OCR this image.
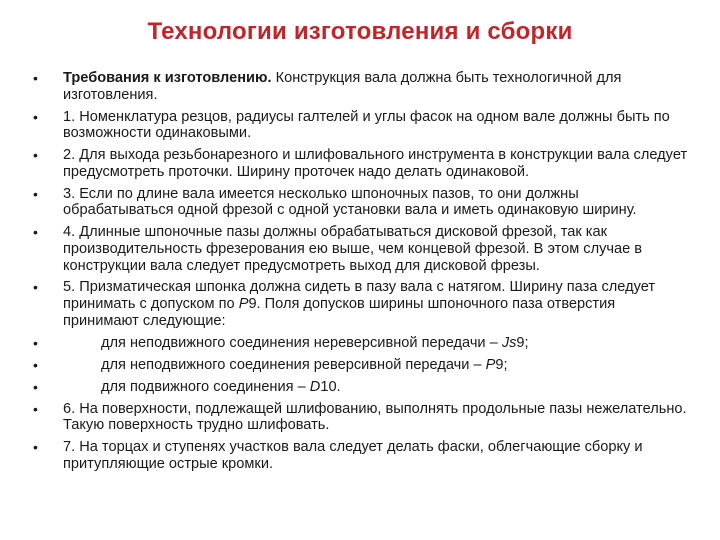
Технологии изготовления и сборки
• Требования к изготовлению. Конструкция вала должна быть технологичной для изготовления.
• 1. Номенклатура резцов, радиусы галтелей и углы фасок на одном вале должны быть по возможности одинаковыми.
• 2. Для выхода резьбонарезного и шлифовального инструмента в конструкции вала следует предусмотреть проточки. Ширину проточек надо делать одинаковой.
• 3. Если по длине вала имеется несколько шпоночных пазов, то они должны обрабатываться одной фрезой с одной установки вала и иметь одинаковую ширину.
• 4. Длинные шпоночные пазы должны обрабатываться дисковой фрезой, так как производительность фрезерования ею выше, чем концевой фрезой. В этом случае в конструкции вала следует предусмотреть выход для дисковой фрезы.
• 5. Призматическая шпонка должна сидеть в пазу вала с натягом. Ширину паза следует принимать с допуском по Р9. Поля допусков ширины шпоночного паза отверстия принимают следующие:
•	для неподвижного соединения нереверсивной передачи – Js9;
•	для неподвижного соединения реверсивной передачи – Р9;
•	для подвижного соединения – D10.
• 6. На поверхности, подлежащей шлифованию, выполнять продольные пазы нежелательно. Такую поверхность трудно шлифовать.
• 7. На торцах и ступенях участков вала следует делать фаски, облегчающие сборку и притупляющие острые кромки.
